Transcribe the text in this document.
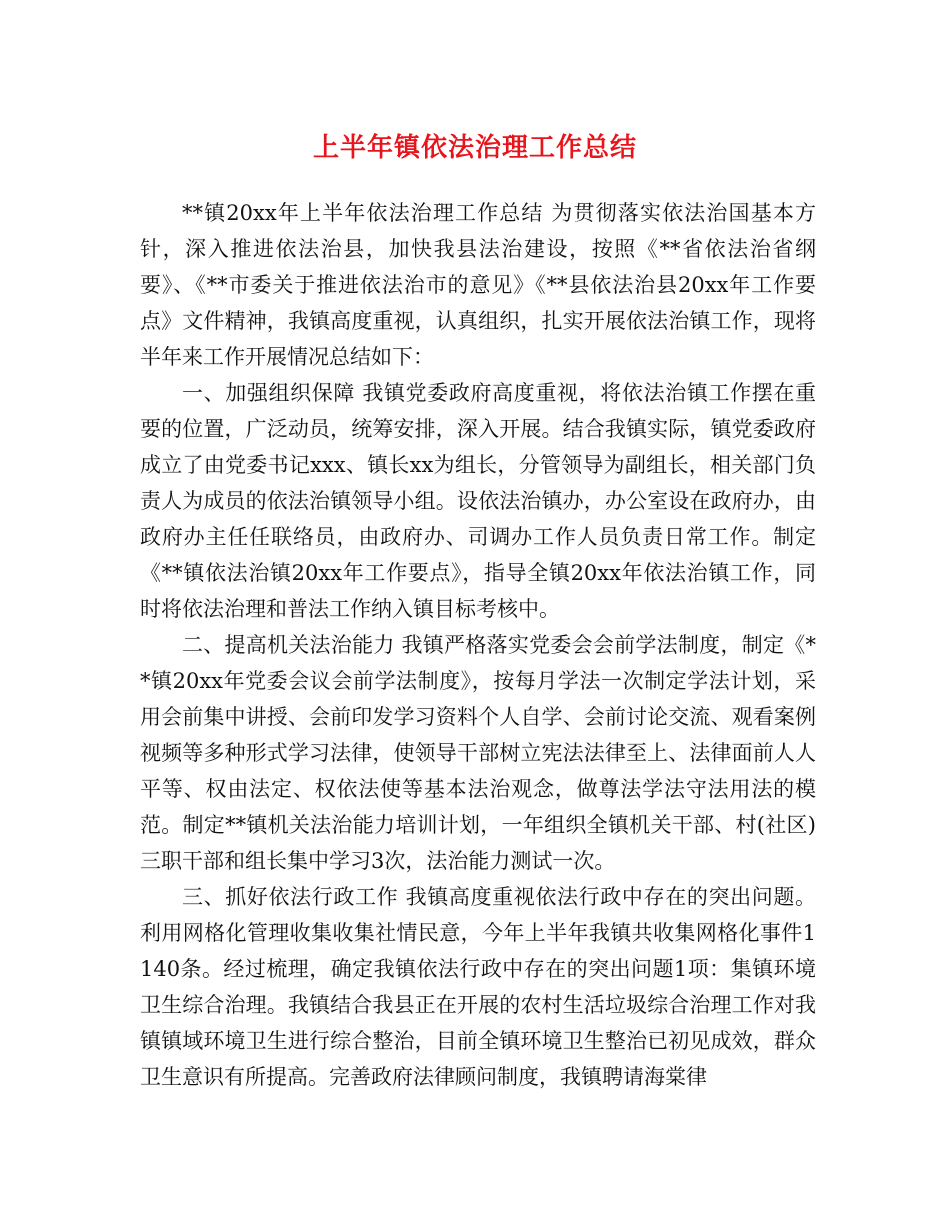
上半年镇依法治理工作总结

**镇20xx年上半年依法治理工作总结 为贯彻落实依法治国基本方针，深入推进依法治县，加快我县法治建设，按照《**省依法治省纲要》、《**市委关于推进依法治市的意见》《**县依法治县20xx年工作要点》文件精神，我镇高度重视，认真组织，扎实开展依法治镇工作，现将半年来工作开展情况总结如下：

一、加强组织保障 我镇党委政府高度重视，将依法治镇工作摆在重要的位置，广泛动员，统筹安排，深入开展。结合我镇实际，镇党委政府成立了由党委书记xxx、镇长xx为组长，分管领导为副组长，相关部门负责人为成员的依法治镇领导小组。设依法治镇办，办公室设在政府办，由政府办主任任联络员，由政府办、司调办工作人员负责日常工作。制定《**镇依法治镇20xx年工作要点》，指导全镇20xx年依法治镇工作，同时将依法治理和普法工作纳入镇目标考核中。

二、提高机关法治能力 我镇严格落实党委会会前学法制度，制定《**镇20xx年党委会议会前学法制度》，按每月学法一次制定学法计划，采用会前集中讲授、会前印发学习资料个人自学、会前讨论交流、观看案例视频等多种形式学习法律，使领导干部树立宪法法律至上、法律面前人人平等、权由法定、权依法使等基本法治观念，做尊法学法守法用法的模范。制定**镇机关法治能力培训计划，一年组织全镇机关干部、村(社区)三职干部和组长集中学习3次，法治能力测试一次。

三、抓好依法行政工作 我镇高度重视依法行政中存在的突出问题。利用网格化管理收集收集社情民意，今年上半年我镇共收集网格化事件1140条。经过梳理，确定我镇依法行政中存在的突出问题1项：集镇环境卫生综合治理。我镇结合我县正在开展的农村生活垃圾综合治理工作对我镇镇域环境卫生进行综合整治，目前全镇环境卫生整治已初见成效，群众卫生意识有所提高。完善政府法律顾问制度，我镇聘请海棠律
